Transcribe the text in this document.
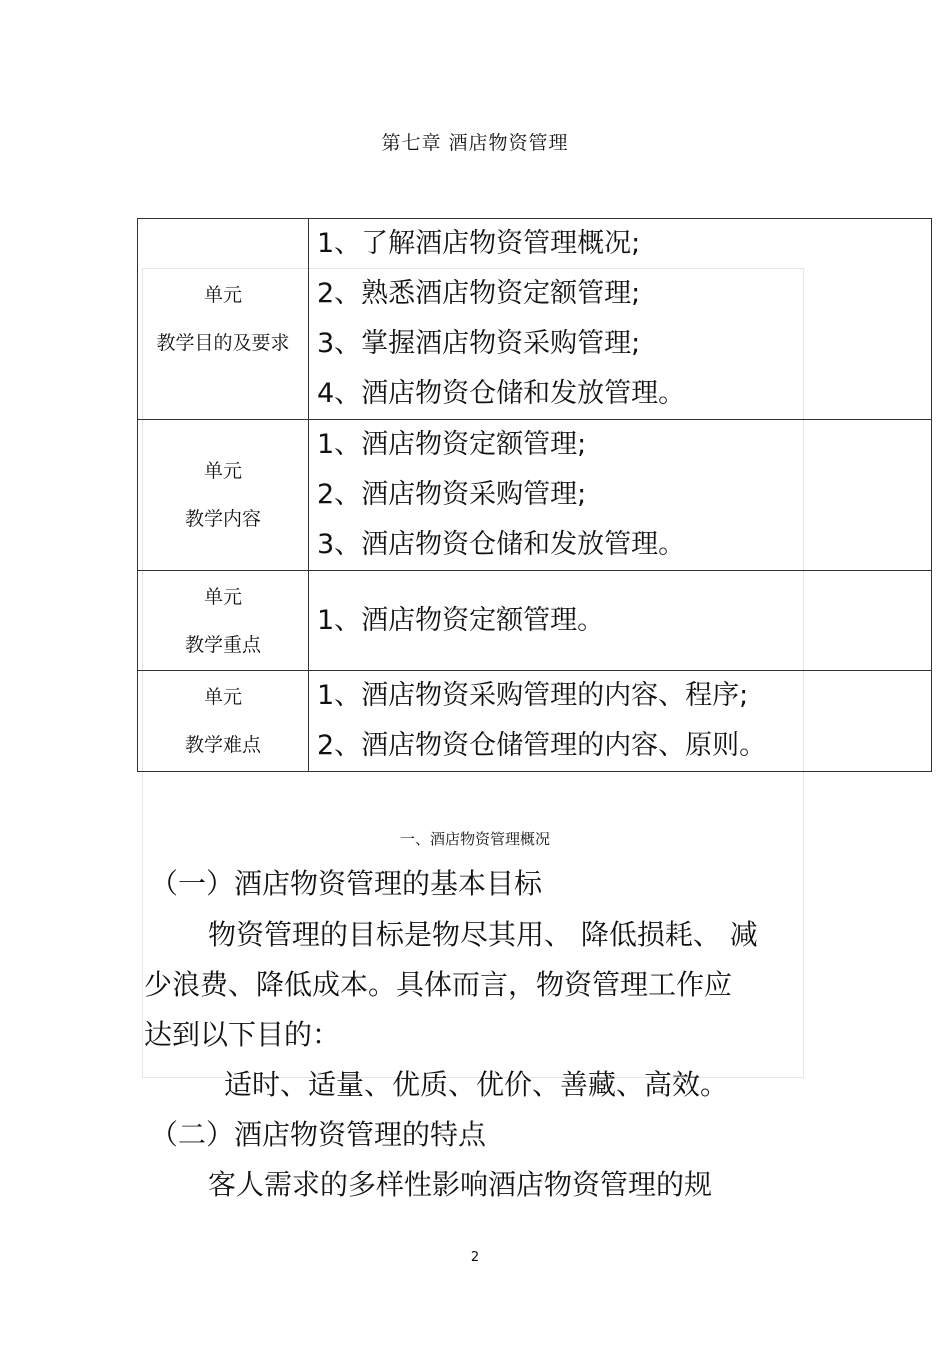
第七章 酒店物资管理
单元
教学目的及要求	1、了解酒店物资管理概况;
2、熟悉酒店物资定额管理;
3、掌握酒店物资采购管理;
4、酒店物资仓储和发放管理。

单元
教学内容	1、酒店物资定额管理;
2、酒店物资采购管理;
3、酒店物资仓储和发放管理。

单元
教学重点	1、酒店物资定额管理。

单元
教学难点	1、酒店物资采购管理的内容、程序;
2、酒店物资仓储管理的内容、原则。
一、酒店物资管理概况
（一）酒店物资管理的基本目标
物资管理的目标是物尽其用、 降低损耗、 减
少浪费、降低成本。具体而言，物资管理工作应
达到以下目的：
适时、适量、优质、优价、善藏、高效。
（二）酒店物资管理的特点
客人需求的多样性影响酒店物资管理的规
2
